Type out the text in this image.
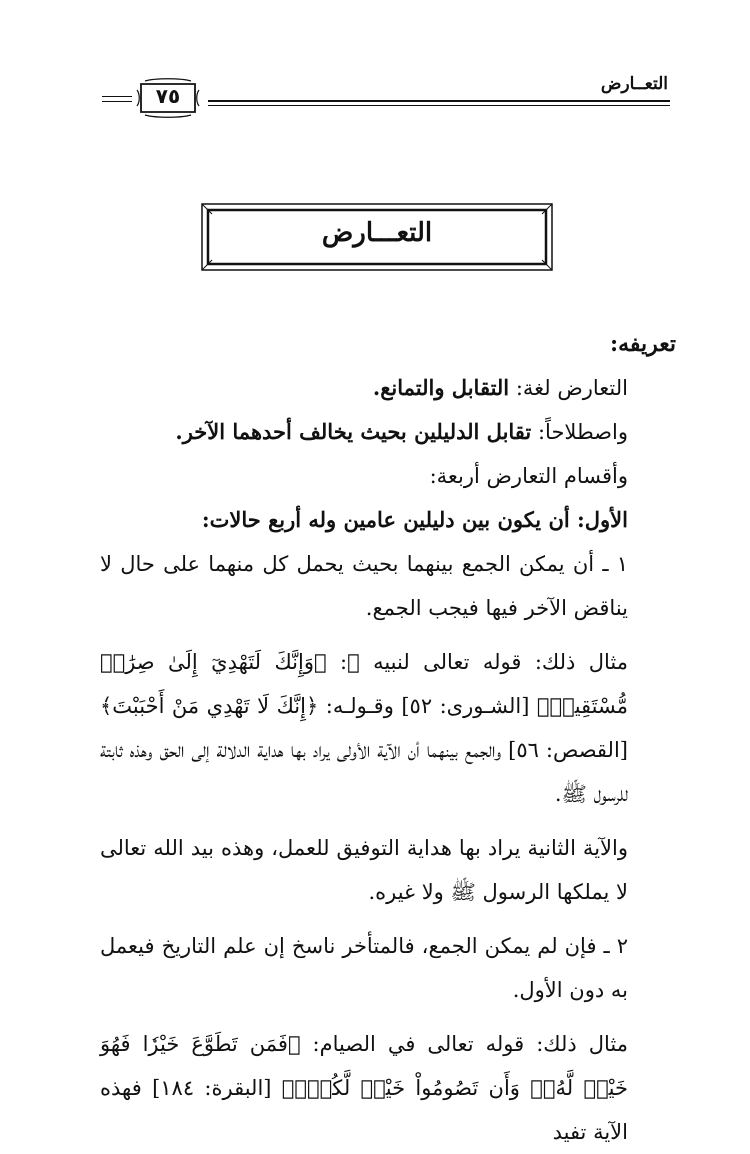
التعــارض
٧٥
التعـــارض

تعريفه:

التعارض لغة: التقابل والتمانع.

واصطلاحاً: تقابل الدليلين بحيث يخالف أحدهما الآخر.

وأقسام التعارض أربعة:

الأول: أن يكون بين دليلين عامين وله أربع حالات:

١ ـ أن يمكن الجمع بينهما بحيث يحمل كل منهما على حال لا يناقض الآخر فيها فيجب الجمع.

مثال ذلك: قوله تعالى لنبيه ﷺ: ﴿وَإِنَّكَ لَتَهْدِيٓ إِلَىٰ صِرَٰطٖ مُّسْتَقِيمٖ﴾ [الشـورى: ٥٢] وقـولـه: ﴿إِنَّكَ لَا تَهْدِي مَنْ أَحْبَبْتَ﴾ [القصص: ٥٦] والجمع بينهما أن الآية الأولى يراد بها هداية الدلالة إلى الحق وهذه ثابتة للرسول ﷺ.

والآية الثانية يراد بها هداية التوفيق للعمل، وهذه بيد الله تعالى لا يملكها الرسول ﷺ ولا غيره.

٢ ـ فإن لم يمكن الجمع، فالمتأخر ناسخ إن علم التاريخ فيعمل به دون الأول.

مثال ذلك: قوله تعالى في الصيام: ﴿فَمَن تَطَوَّعَ خَيْرٗا فَهُوَ خَيْرٞ لَّهُۥۚ وَأَن تَصُومُواْ خَيْرٞ لَّكُمْۖ﴾ [البقرة: ١٨٤] فهذه الآية تفيد
